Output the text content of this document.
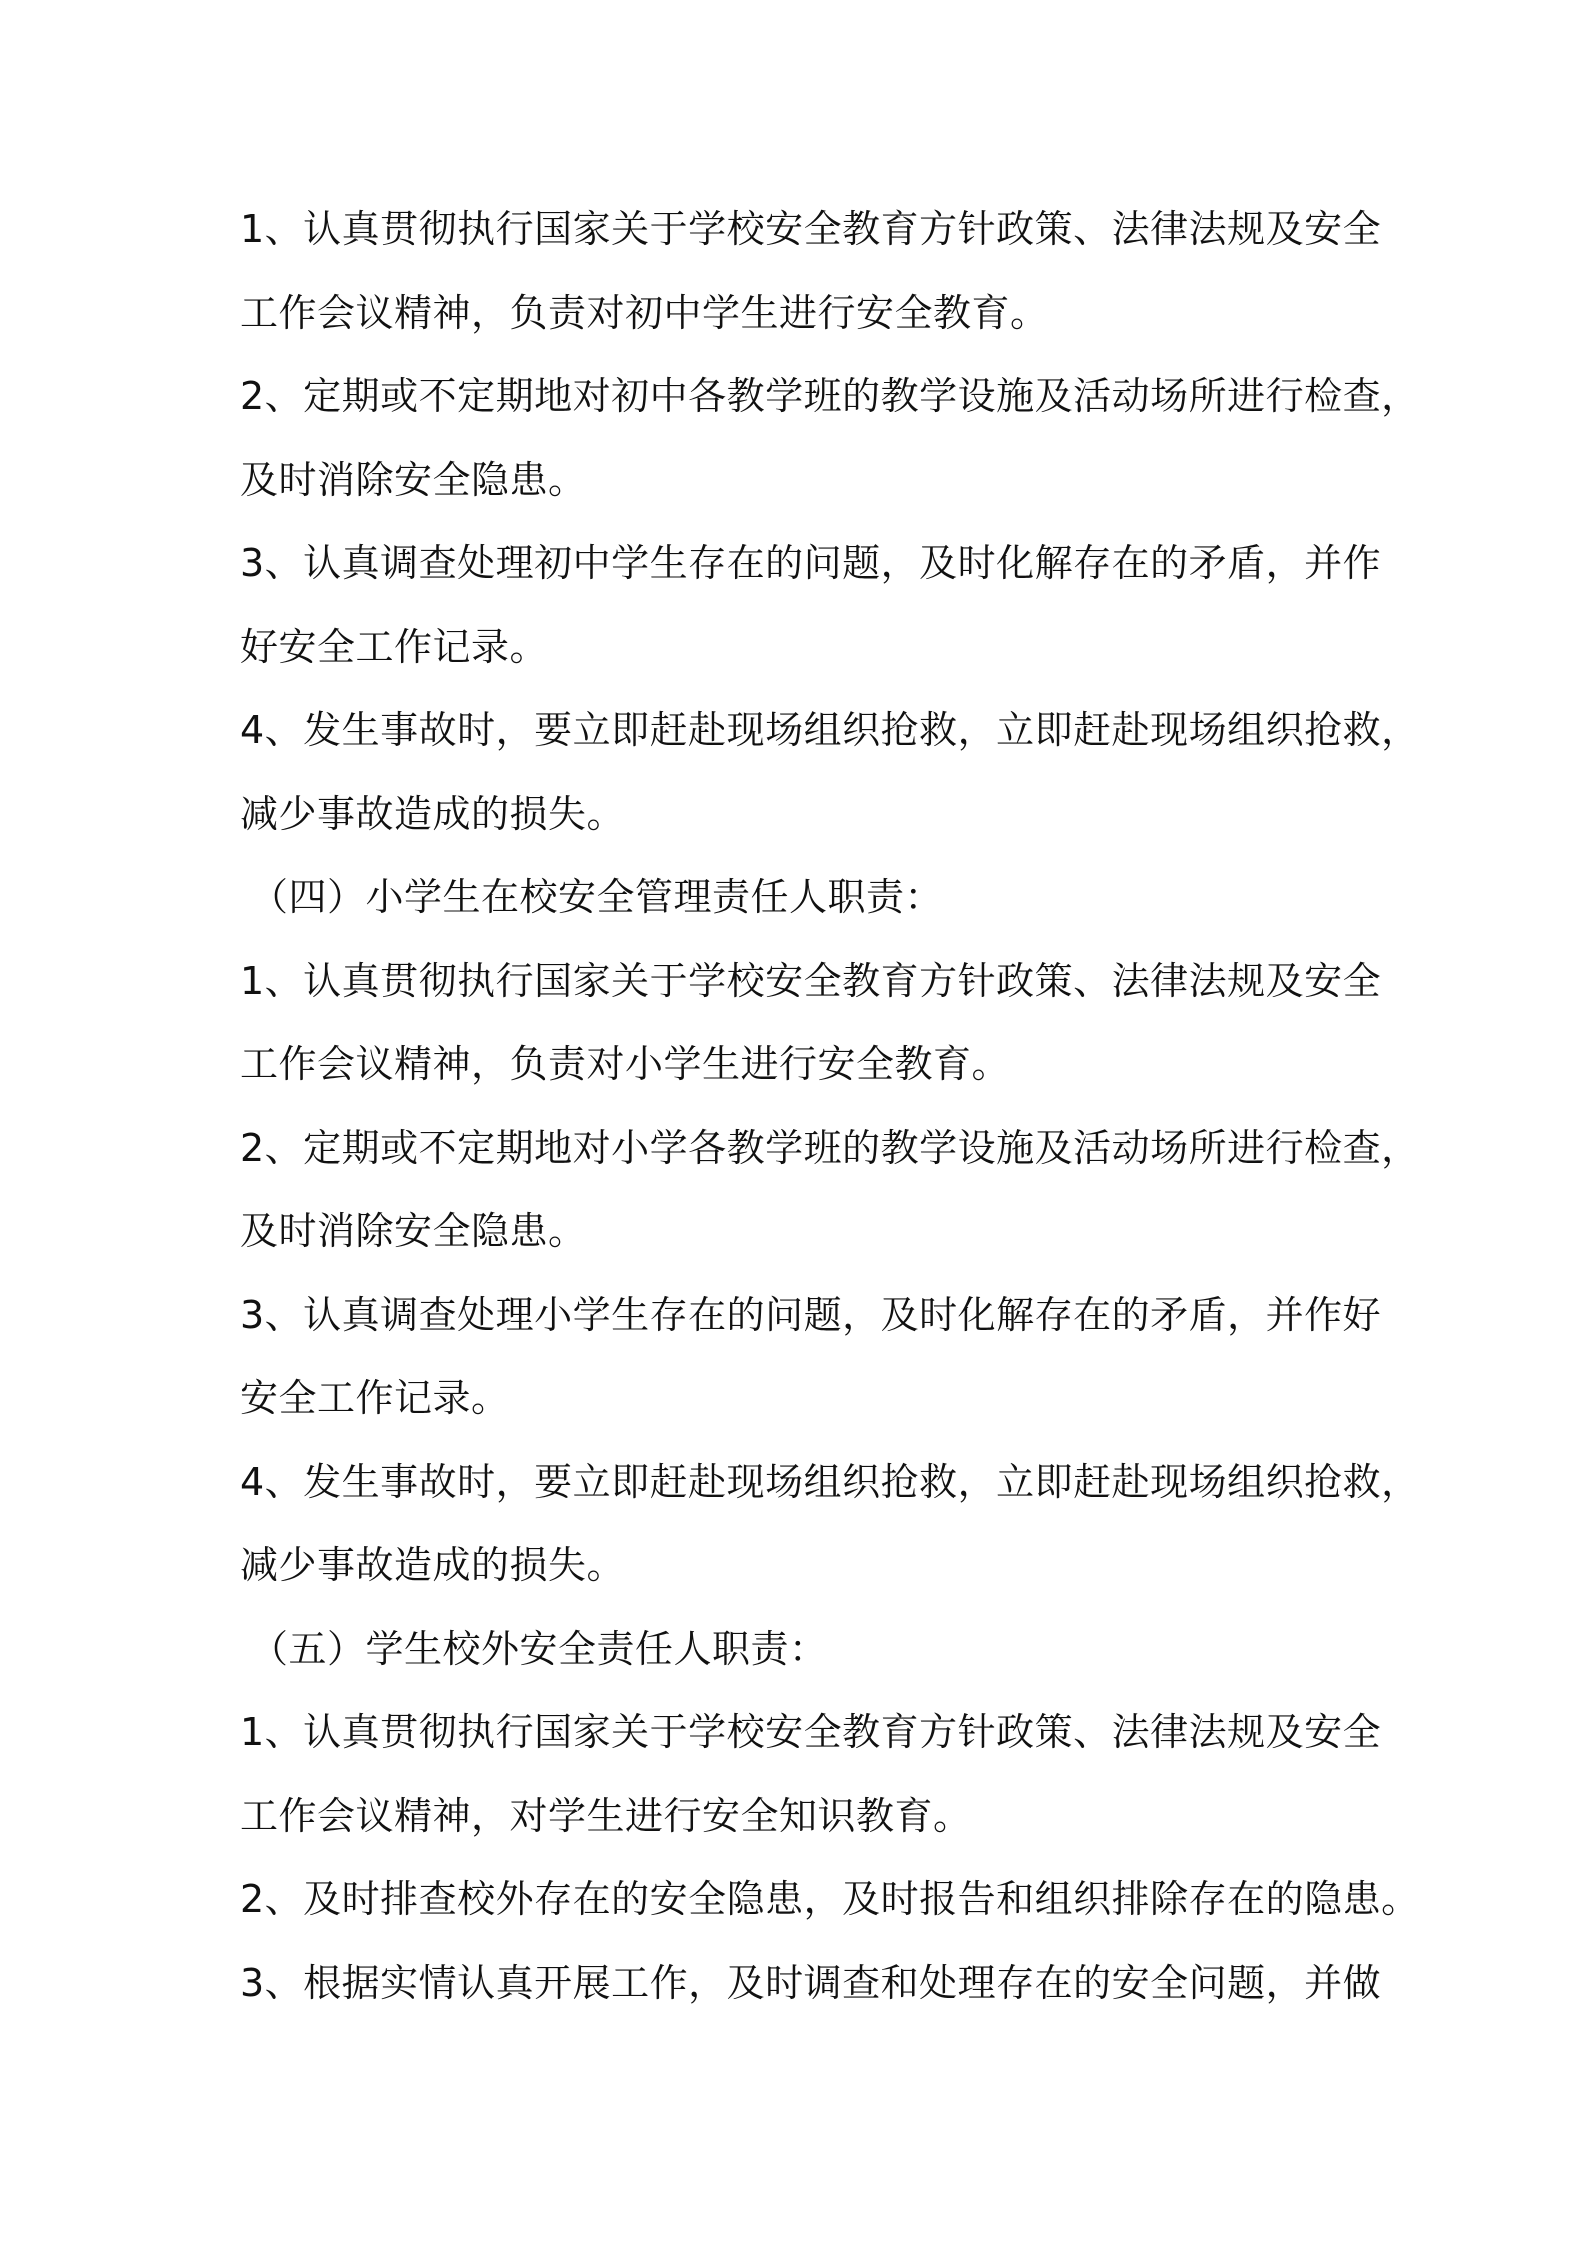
1、认真贯彻执行国家关于学校安全教育方针政策、法律法规及安全

工作会议精神，负责对初中学生进行安全教育。

2、定期或不定期地对初中各教学班的教学设施及活动场所进行检查，

及时消除安全隐患。

3、认真调查处理初中学生存在的问题，及时化解存在的矛盾，并作

好安全工作记录。

4、发生事故时，要立即赶赴现场组织抢救，立即赶赴现场组织抢救，

减少事故造成的损失。

（四）小学生在校安全管理责任人职责：

1、认真贯彻执行国家关于学校安全教育方针政策、法律法规及安全

工作会议精神，负责对小学生进行安全教育。

2、定期或不定期地对小学各教学班的教学设施及活动场所进行检查，

及时消除安全隐患。

3、认真调查处理小学生存在的问题，及时化解存在的矛盾，并作好

安全工作记录。

4、发生事故时，要立即赶赴现场组织抢救，立即赶赴现场组织抢救，

减少事故造成的损失。

（五）学生校外安全责任人职责：

1、认真贯彻执行国家关于学校安全教育方针政策、法律法规及安全

工作会议精神，对学生进行安全知识教育。

2、及时排查校外存在的安全隐患，及时报告和组织排除存在的隐患。

3、根据实情认真开展工作，及时调查和处理存在的安全问题，并做
